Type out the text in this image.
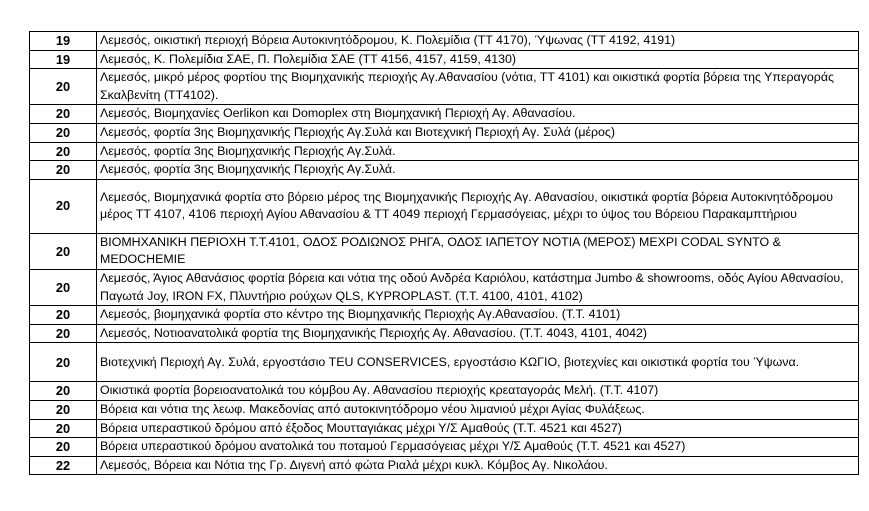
19	Λεμεσός, οικιστική περιοχή Βόρεια Αυτοκινητόδρομου, Κ. Πολεμίδια (ΤΤ 4170), Ύψωνας (ΤΤ 4192, 4191)
19	Λεμεσός, Κ. Πολεμίδια ΣΑΕ, Π. Πολεμίδια ΣΑΕ (ΤΤ 4156, 4157, 4159, 4130)
20	Λεμεσός, μικρό μέρος φορτίου της Βιομηχανικής περιοχής Αγ.Αθανασίου (νότια, ΤΤ 4101) και οικιστικά φορτία βόρεια της Υπεραγοράς Σκαλβενίτη (ΤΤ4102).
20	Λεμεσός, Βιομηχανίες Oerlikon και Domoplex στη Βιομηχανική Περιοχή Αγ. Αθανασίου.
20	Λεμεσός, φορτία 3ης Βιομηχανικής Περιοχής Αγ.Συλά και Βιοτεχνική Περιοχή Αγ. Συλά (μέρος)
20	Λεμεσός, φορτία 3ης Βιομηχανικής Περιοχής Αγ.Συλά.
20	Λεμεσός, φορτία 3ης Βιομηχανικής Περιοχής Αγ.Συλά.
20	Λεμεσός, Βιομηχανικά φορτία στο βόρειο μέρος της Βιομηχανικής Περιοχής Αγ. Αθανασίου, οικιστικά φορτία βόρεια Αυτοκινητόδρομου μέρος ΤΤ 4107, 4106 περιοχή Αγίου Αθανασίου & ΤΤ 4049 περιοχή Γερμασόγειας, μέχρι το ύψος του Βόρειου Παρακαμπτήριου
20	ΒΙΟΜΗΧΑΝΙΚΗ ΠΕΡΙΟΧΗ Τ.Τ.4101, ΟΔΟΣ ΡΟΔΙΩΝΟΣ ΡΗΓΑ, ΟΔΟΣ ΙΑΠΕΤΟΥ ΝΟΤΙΑ (ΜΕΡΟΣ) ΜΕΧΡΙ CODAL SYNTO & MEDOCHEMIE
20	Λεμεσός, Άγιος Αθανάσιος φορτία βόρεια και νότια της οδού Ανδρέα Καριόλου, κατάστημα Jumbo & showrooms, οδός Αγίου Αθανασίου, Παγωτά Joy, IRON FX, Πλυντήριο ρούχων QLS, KYPROPLAST. (Τ.Τ. 4100, 4101, 4102)
20	Λεμεσός, βιομηχανικά φορτία στο κέντρο της Βιομηχανικής Περιοχής Αγ.Αθανασίου. (Τ.Τ. 4101)
20	Λεμεσός, Νοτιοανατολικά φορτία της Βιομηχανικής Περιοχής Αγ. Αθανασίου. (Τ.Τ. 4043, 4101, 4042)
20	Βιοτεχνική Περιοχή Αγ. Συλά, εργοστάσιο TEU CONSERVICES, εργοστάσιο ΚΩΓΙΟ, βιοτεχνίες και οικιστικά φορτία του Ύψωνα.
20	Οικιστικά φορτία βορειοανατολικά του κόμβου Αγ. Αθανασίου περιοχής κρεαταγοράς Μελή. (Τ.Τ. 4107)
20	Βόρεια και νότια της λεωφ. Μακεδονίας από αυτοκινητόδρομο νέου λιμανιού μέχρι Αγίας Φυλάξεως.
20	Βόρεια υπεραστικού δρόμου από έξοδος Μουτταγιάκας μέχρι Υ/Σ Αμαθούς (Τ.Τ. 4521 και 4527)
20	Βόρεια υπεραστικού δρόμου ανατολικά του ποταμού Γερμασόγειας μέχρι Υ/Σ Αμαθούς (Τ.Τ. 4521 και 4527)
22	Λεμεσός, Βόρεια και Νότια της Γρ. Διγενή από φώτα Ριαλά μέχρι κυκλ. Κόμβος Αγ. Νικολάου.
